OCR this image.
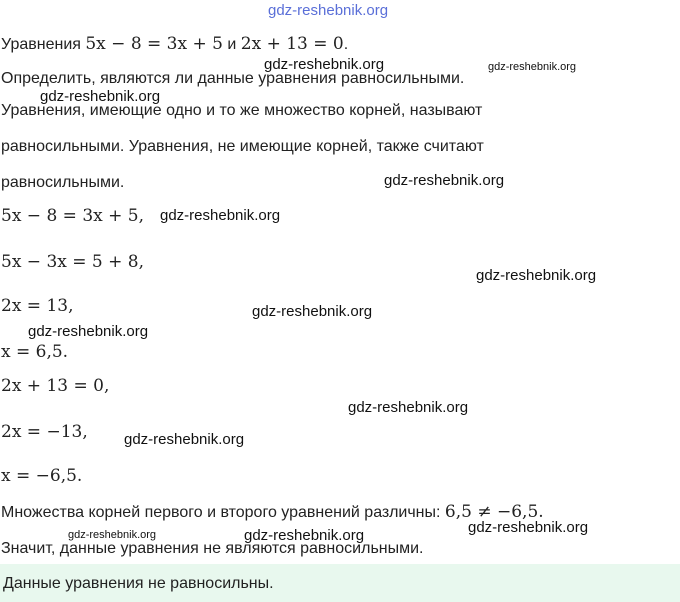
gdz-reshebnik.org
Уравнения 5x − 8 = 3x + 5 и 2x + 13 = 0.
Определить, являются ли данные уравнения равносильными.
Уравнения, имеющие одно и то же множество корней, называют
равносильными. Уравнения, не имеющие корней, также считают
равносильными.
5x − 8 = 3x + 5,
5x − 3x = 5 + 8,
2x = 13,
x = 6,5.
2x + 13 = 0,
2x = −13,
x = −6,5.
Множества корней первого и второго уравнений различны: 6,5 ≠ −6,5.
Значит, данные уравнения не являются равносильными.
Данные уравнения не равносильны.
gdz-reshebnik.org	gdz-reshebnik.org
gdz-reshebnik.org
gdz-reshebnik.org
gdz-reshebnik.org
gdz-reshebnik.org
gdz-reshebnik.org
gdz-reshebnik.org
gdz-reshebnik.org
gdz-reshebnik.org
gdz-reshebnik.org
gdz-reshebnik.org	gdz-reshebnik.org
